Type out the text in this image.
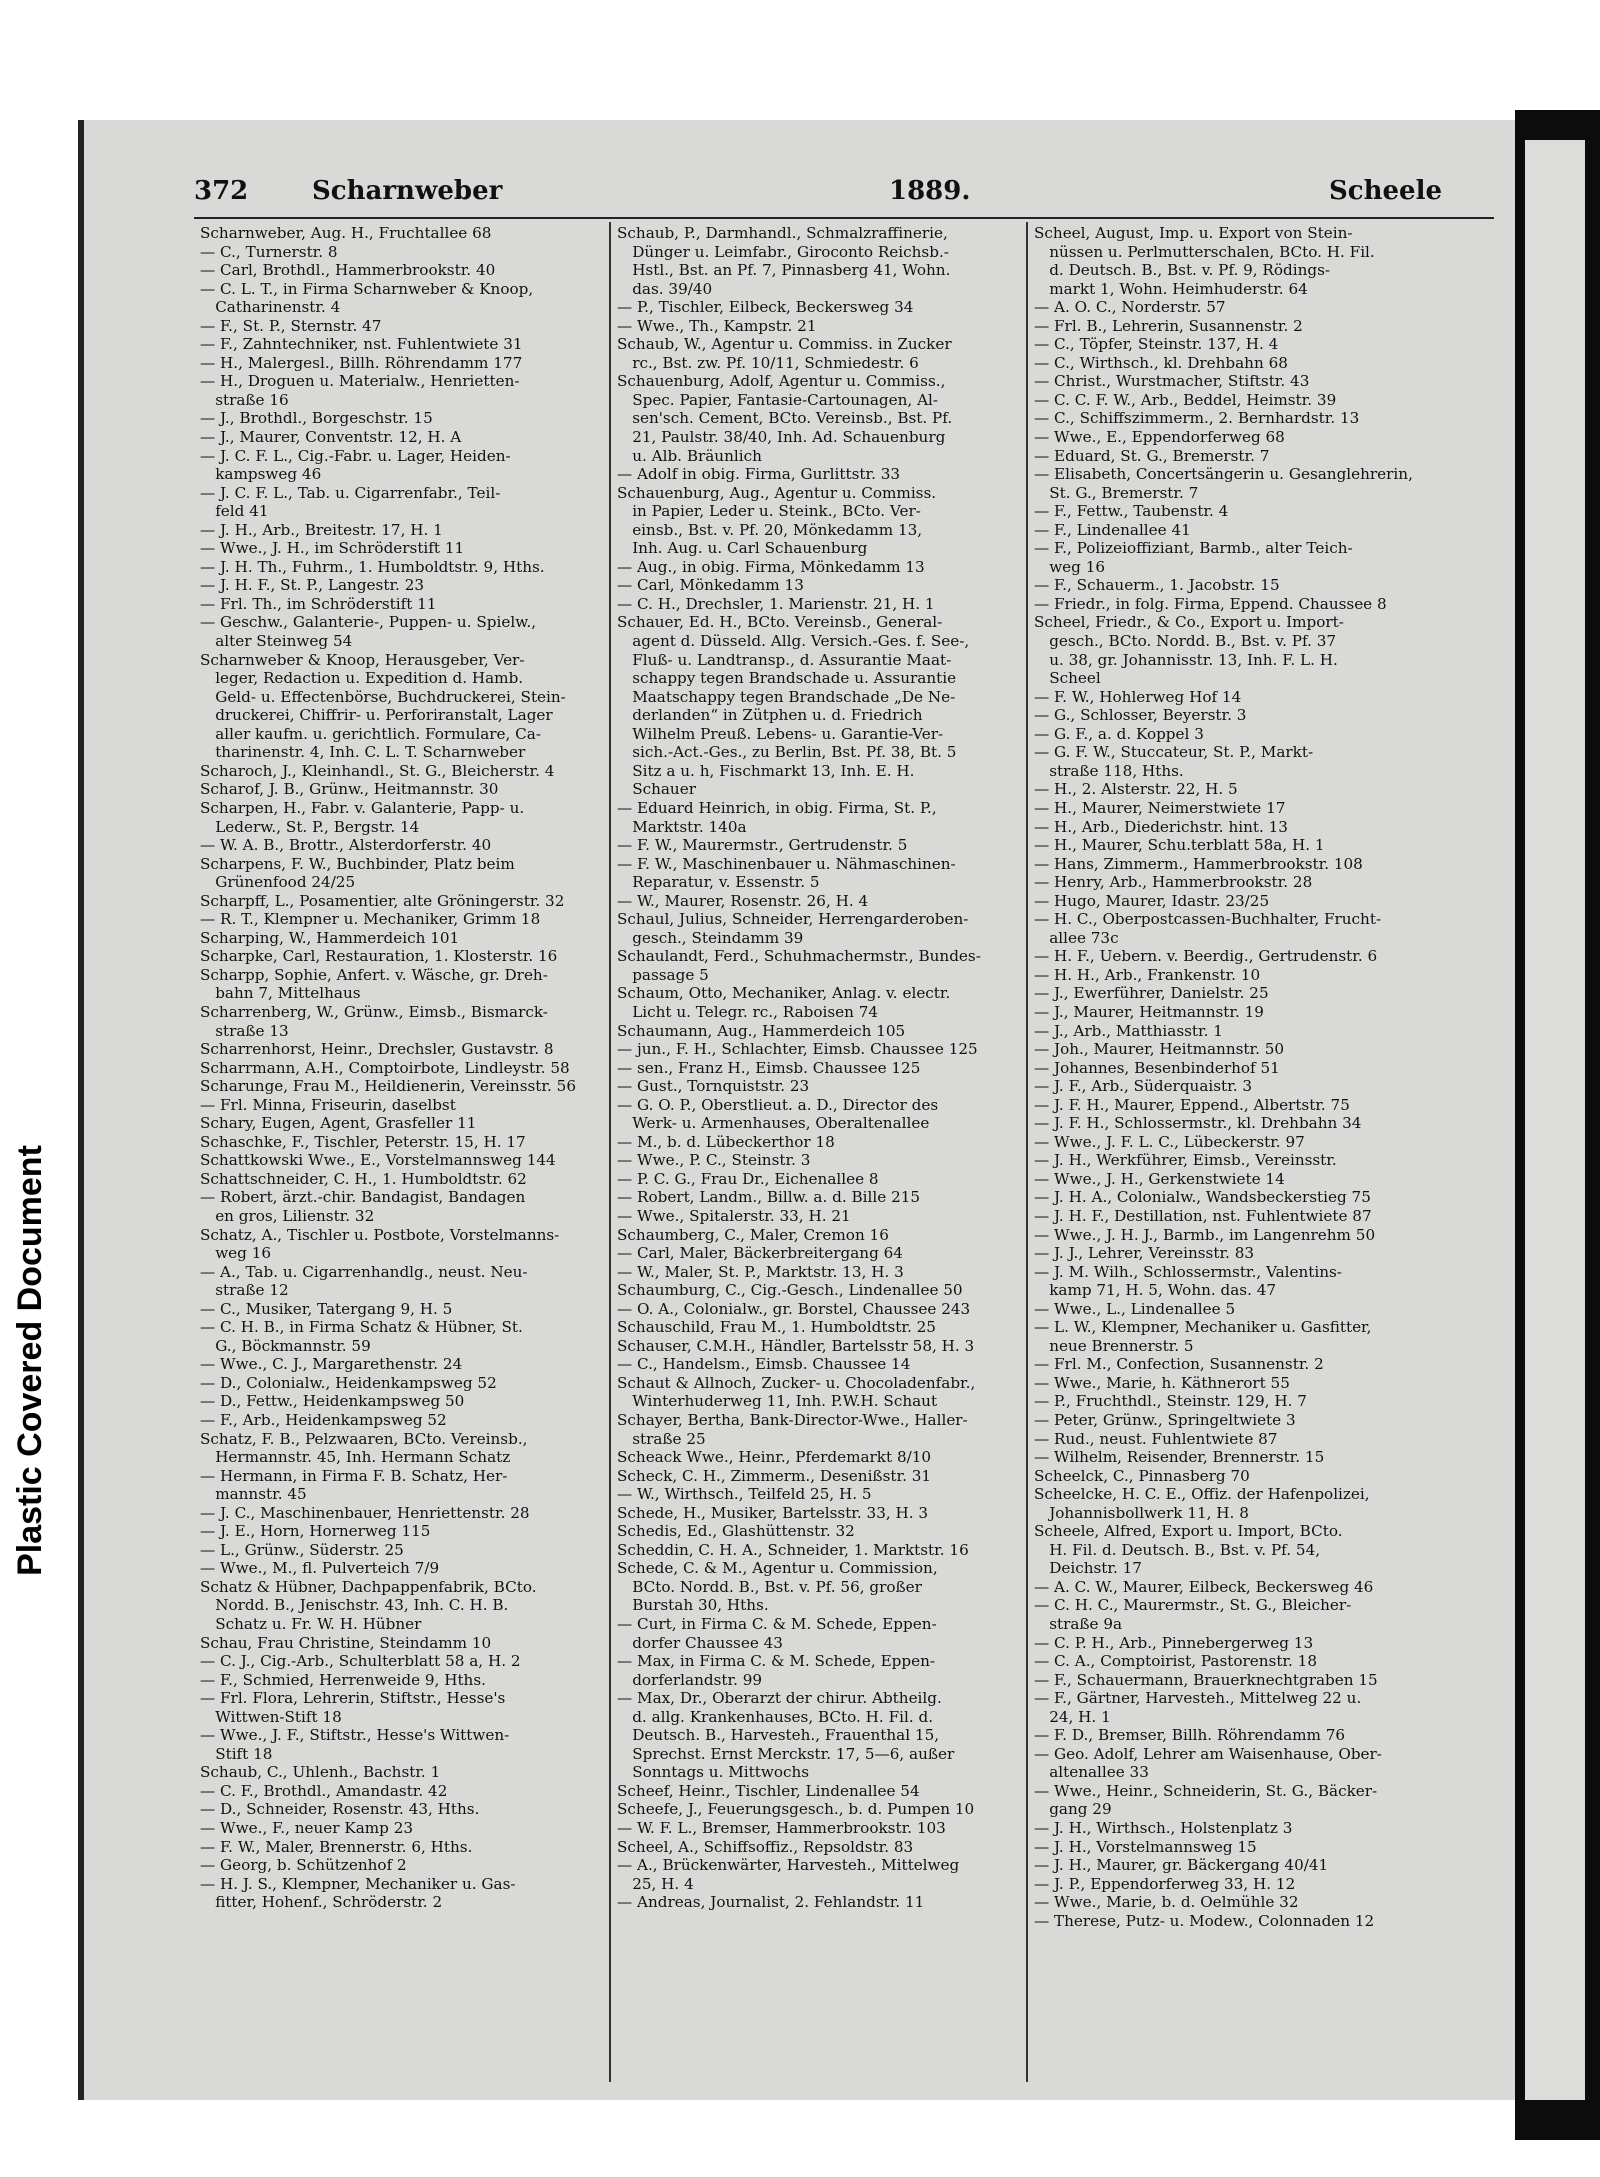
Plastic Covered Document
372 Scharnweber	1889.	Scheele
Scharnweber, Aug. H., Fruchtallee 68
— C., Turnerstr. 8
— Carl, Brothdl., Hammerbrookstr. 40
— C. L. T., in Firma Scharnweber & Knoop,
 Catharinenstr. 4
— F., St. P., Sternstr. 47
— F., Zahntechniker, nst. Fuhlentwiete 31
— H., Malergesl., Billh. Röhrendamm 177
— H., Droguen u. Materialw., Henrietten-
 straße 16
— J., Brothdl., Borgeschstr. 15
— J., Maurer, Conventstr. 12, H. A
— J. C. F. L., Cig.-Fabr. u. Lager, Heiden-
 kampsweg 46
— J. C. F. L., Tab. u. Cigarrenfabr., Teil-
 feld 41
— J. H., Arb., Breitestr. 17, H. 1
— Wwe., J. H., im Schröderstift 11
— J. H. Th., Fuhrm., 1. Humboldtstr. 9, Hths.
— J. H. F., St. P., Langestr. 23
— Frl. Th., im Schröderstift 11
— Geschw., Galanterie-, Puppen- u. Spielw.,
 alter Steinweg 54
Scharnweber & Knoop, Herausgeber, Ver-
 leger, Redaction u. Expedition d. Hamb.
 Geld- u. Effectenbörse, Buchdruckerei, Stein-
 druckerei, Chiffrir- u. Perforiranstalt, Lager
 aller kaufm. u. gerichtlich. Formulare, Ca-
 tharinenstr. 4, Inh. C. L. T. Scharnweber
Scharoch, J., Kleinhandl., St. G., Bleicherstr. 4
Scharof, J. B., Grünw., Heitmannstr. 30
Scharpen, H., Fabr. v. Galanterie, Papp- u.
 Lederw., St. P., Bergstr. 14
— W. A. B., Brottr., Alsterdorferstr. 40
Scharpens, F. W., Buchbinder, Platz beim
 Grünenfood 24/25
Scharpff, L., Posamentier, alte Gröningerstr. 32
— R. T., Klempner u. Mechaniker, Grimm 18
Scharping, W., Hammerdeich 101
Scharpke, Carl, Restauration, 1. Klosterstr. 16
Scharpp, Sophie, Anfert. v. Wäsche, gr. Dreh-
 bahn 7, Mittelhaus
Scharrenberg, W., Grünw., Eimsb., Bismarck-
 straße 13
Scharrenhorst, Heinr., Drechsler, Gustavstr. 8
Scharrmann, A.H., Comptoirbote, Lindleystr. 58
Scharunge, Frau M., Heildienerin, Vereinsstr. 56
— Frl. Minna, Friseurin, daselbst
Schary, Eugen, Agent, Grasfeller 11
Schaschke, F., Tischler, Peterstr. 15, H. 17
Schattkowski Wwe., E., Vorstelmannsweg 144
Schattschneider, C. H., 1. Humboldtstr. 62
— Robert, ärzt.-chir. Bandagist, Bandagen
 en gros, Lilienstr. 32
Schatz, A., Tischler u. Postbote, Vorstelmanns-
 weg 16
— A., Tab. u. Cigarrenhandlg., neust. Neu-
 straße 12
— C., Musiker, Tatergang 9, H. 5
— C. H. B., in Firma Schatz & Hübner, St.
 G., Böckmannstr. 59
— Wwe., C. J., Margarethenstr. 24
— D., Colonialw., Heidenkampsweg 52
— D., Fettw., Heidenkampsweg 50
— F., Arb., Heidenkampsweg 52
Schatz, F. B., Pelzwaaren, BCto. Vereinsb.,
 Hermannstr. 45, Inh. Hermann Schatz
— Hermann, in Firma F. B. Schatz, Her-
 mannstr. 45
— J. C., Maschinenbauer, Henriettenstr. 28
— J. E., Horn, Hornerweg 115
— L., Grünw., Süderstr. 25
— Wwe., M., fl. Pulverteich 7/9
Schatz & Hübner, Dachpappenfabrik, BCto.
 Nordd. B., Jenischstr. 43, Inh. C. H. B.
 Schatz u. Fr. W. H. Hübner
Schau, Frau Christine, Steindamm 10
— C. J., Cig.-Arb., Schulterblatt 58 a, H. 2
— F., Schmied, Herrenweide 9, Hths.
— Frl. Flora, Lehrerin, Stiftstr., Hesse's
 Wittwen-Stift 18
— Wwe., J. F., Stiftstr., Hesse's Wittwen-
 Stift 18
Schaub, C., Uhlenh., Bachstr. 1
— C. F., Brothdl., Amandastr. 42
— D., Schneider, Rosenstr. 43, Hths.
— Wwe., F., neuer Kamp 23
— F. W., Maler, Brennerstr. 6, Hths.
— Georg, b. Schützenhof 2
— H. J. S., Klempner, Mechaniker u. Gas-
 fitter, Hohenf., Schröderstr. 2
Schaub, P., Darmhandl., Schmalzraffinerie,
 Dünger u. Leimfabr., Giroconto Reichsb.-
 Hstl., Bst. an Pf. 7, Pinnasberg 41, Wohn.
 das. 39/40
— P., Tischler, Eilbeck, Beckersweg 34
— Wwe., Th., Kampstr. 21
Schaub, W., Agentur u. Commiss. in Zucker
 rc., Bst. zw. Pf. 10/11, Schmiedestr. 6
Schauenburg, Adolf, Agentur u. Commiss.,
 Spec. Papier, Fantasie-Cartounagen, Al-
 sen'sch. Cement, BCto. Vereinsb., Bst. Pf.
 21, Paulstr. 38/40, Inh. Ad. Schauenburg
 u. Alb. Bräunlich
— Adolf in obig. Firma, Gurlittstr. 33
Schauenburg, Aug., Agentur u. Commiss.
 in Papier, Leder u. Steink., BCto. Ver-
 einsb., Bst. v. Pf. 20, Mönkedamm 13,
 Inh. Aug. u. Carl Schauenburg
— Aug., in obig. Firma, Mönkedamm 13
— Carl, Mönkedamm 13
— C. H., Drechsler, 1. Marienstr. 21, H. 1
Schauer, Ed. H., BCto. Vereinsb., General-
 agent d. Düsseld. Allg. Versich.-Ges. f. See-,
 Fluß- u. Landtransp., d. Assurantie Maat-
 schappy tegen Brandschade u. Assurantie
 Maatschappy tegen Brandschade „De Ne-
 derlanden“ in Zütphen u. d. Friedrich
 Wilhelm Preuß. Lebens- u. Garantie-Ver-
 sich.-Act.-Ges., zu Berlin, Bst. Pf. 38, Bt. 5
 Sitz a u. h, Fischmarkt 13, Inh. E. H.
 Schauer
— Eduard Heinrich, in obig. Firma, St. P.,
 Marktstr. 140a
— F. W., Maurermstr., Gertrudenstr. 5
— F. W., Maschinenbauer u. Nähmaschinen-
 Reparatur, v. Essenstr. 5
— W., Maurer, Rosenstr. 26, H. 4
Schaul, Julius, Schneider, Herrengarderoben-
 gesch., Steindamm 39
Schaulandt, Ferd., Schuhmachermstr., Bundes-
 passage 5
Schaum, Otto, Mechaniker, Anlag. v. electr.
 Licht u. Telegr. rc., Raboisen 74
Schaumann, Aug., Hammerdeich 105
— jun., F. H., Schlachter, Eimsb. Chaussee 125
— sen., Franz H., Eimsb. Chaussee 125
— Gust., Tornquiststr. 23
— G. O. P., Oberstlieut. a. D., Director des
 Werk- u. Armenhauses, Oberaltenallee
— M., b. d. Lübeckerthor 18
— Wwe., P. C., Steinstr. 3
— P. C. G., Frau Dr., Eichenallee 8
— Robert, Landm., Billw. a. d. Bille 215
— Wwe., Spitalerstr. 33, H. 21
Schaumberg, C., Maler, Cremon 16
— Carl, Maler, Bäckerbreitergang 64
— W., Maler, St. P., Marktstr. 13, H. 3
Schaumburg, C., Cig.-Gesch., Lindenallee 50
— O. A., Colonialw., gr. Borstel, Chaussee 243
Schauschild, Frau M., 1. Humboldtstr. 25
Schauser, C.M.H., Händler, Bartelsstr 58, H. 3
— C., Handelsm., Eimsb. Chaussee 14
Schaut & Allnoch, Zucker- u. Chocoladenfabr.,
 Winterhuderweg 11, Inh. P.W.H. Schaut
Schayer, Bertha, Bank-Director-Wwe., Haller-
 straße 25
Scheack Wwe., Heinr., Pferdemarkt 8/10
Scheck, C. H., Zimmerm., Desenißstr. 31
— W., Wirthsch., Teilfeld 25, H. 5
Schede, H., Musiker, Bartelsstr. 33, H. 3
Schedis, Ed., Glashüttenstr. 32
Scheddin, C. H. A., Schneider, 1. Marktstr. 16
Schede, C. & M., Agentur u. Commission,
 BCto. Nordd. B., Bst. v. Pf. 56, großer
 Burstah 30, Hths.
— Curt, in Firma C. & M. Schede, Eppen-
 dorfer Chaussee 43
— Max, in Firma C. & M. Schede, Eppen-
 dorferlandstr. 99
— Max, Dr., Oberarzt der chirur. Abtheilg.
 d. allg. Krankenhauses, BCto. H. Fil. d.
 Deutsch. B., Harvesteh., Frauenthal 15,
 Sprechst. Ernst Merckstr. 17, 5—6, außer
 Sonntags u. Mittwochs
Scheef, Heinr., Tischler, Lindenallee 54
Scheefe, J., Feuerungsgesch., b. d. Pumpen 10
— W. F. L., Bremser, Hammerbrookstr. 103
Scheel, A., Schiffsoffiz., Repsoldstr. 83
— A., Brückenwärter, Harvesteh., Mittelweg
 25, H. 4
— Andreas, Journalist, 2. Fehlandstr. 11
Scheel, August, Imp. u. Export von Stein-
 nüssen u. Perlmutterschalen, BCto. H. Fil.
 d. Deutsch. B., Bst. v. Pf. 9, Rödings-
 markt 1, Wohn. Heimhuderstr. 64
— A. O. C., Norderstr. 57
— Frl. B., Lehrerin, Susannenstr. 2
— C., Töpfer, Steinstr. 137, H. 4
— C., Wirthsch., kl. Drehbahn 68
— Christ., Wurstmacher, Stiftstr. 43
— C. C. F. W., Arb., Beddel, Heimstr. 39
— C., Schiffszimmerm., 2. Bernhardstr. 13
— Wwe., E., Eppendorferweg 68
— Eduard, St. G., Bremerstr. 7
— Elisabeth, Concertsängerin u. Gesanglehrerin,
 St. G., Bremerstr. 7
— F., Fettw., Taubenstr. 4
— F., Lindenallee 41
— F., Polizeioffiziant, Barmb., alter Teich-
 weg 16
— F., Schauerm., 1. Jacobstr. 15
— Friedr., in folg. Firma, Eppend. Chaussee 8
Scheel, Friedr., & Co., Export u. Import-
 gesch., BCto. Nordd. B., Bst. v. Pf. 37
 u. 38, gr. Johannisstr. 13, Inh. F. L. H.
 Scheel
— F. W., Hohlerweg Hof 14
— G., Schlosser, Beyerstr. 3
— G. F., a. d. Koppel 3
— G. F. W., Stuccateur, St. P., Markt-
 straße 118, Hths.
— H., 2. Alsterstr. 22, H. 5
— H., Maurer, Neimerstwiete 17
— H., Arb., Diederichstr. hint. 13
— H., Maurer, Schu.terblatt 58a, H. 1
— Hans, Zimmerm., Hammerbrookstr. 108
— Henry, Arb., Hammerbrookstr. 28
— Hugo, Maurer, Idastr. 23/25
— H. C., Oberpostcassen-Buchhalter, Frucht-
 allee 73c
— H. F., Uebern. v. Beerdig., Gertrudenstr. 6
— H. H., Arb., Frankenstr. 10
— J., Ewerführer, Danielstr. 25
— J., Maurer, Heitmannstr. 19
— J., Arb., Matthiasstr. 1
— Joh., Maurer, Heitmannstr. 50
— Johannes, Besenbinderhof 51
— J. F., Arb., Süderquaistr. 3
— J. F. H., Maurer, Eppend., Albertstr. 75
— J. F. H., Schlossermstr., kl. Drehbahn 34
— Wwe., J. F. L. C., Lübeckerstr. 97
— J. H., Werkführer, Eimsb., Vereinsstr.
— Wwe., J. H., Gerkenstwiete 14
— J. H. A., Colonialw., Wandsbeckerstieg 75
— J. H. F., Destillation, nst. Fuhlentwiete 87
— Wwe., J. H. J., Barmb., im Langenrehm 50
— J. J., Lehrer, Vereinsstr. 83
— J. M. Wilh., Schlossermstr., Valentins-
 kamp 71, H. 5, Wohn. das. 47
— Wwe., L., Lindenallee 5
— L. W., Klempner, Mechaniker u. Gasfitter,
 neue Brennerstr. 5
— Frl. M., Confection, Susannenstr. 2
— Wwe., Marie, h. Käthnerort 55
— P., Fruchthdl., Steinstr. 129, H. 7
— Peter, Grünw., Springeltwiete 3
— Rud., neust. Fuhlentwiete 87
— Wilhelm, Reisender, Brennerstr. 15
Scheelck, C., Pinnasberg 70
Scheelcke, H. C. E., Offiz. der Hafenpolizei,
 Johannisbollwerk 11, H. 8
Scheele, Alfred, Export u. Import, BCto.
 H. Fil. d. Deutsch. B., Bst. v. Pf. 54,
 Deichstr. 17
— A. C. W., Maurer, Eilbeck, Beckersweg 46
— C. H. C., Maurermstr., St. G., Bleicher-
 straße 9a
— C. P. H., Arb., Pinnebergerweg 13
— C. A., Comptoirist, Pastorenstr. 18
— F., Schauermann, Brauerknechtgraben 15
— F., Gärtner, Harvesteh., Mittelweg 22 u.
 24, H. 1
— F. D., Bremser, Billh. Röhrendamm 76
— Geo. Adolf, Lehrer am Waisenhause, Ober-
 altenallee 33
— Wwe., Heinr., Schneiderin, St. G., Bäcker-
 gang 29
— J. H., Wirthsch., Holstenplatz 3
— J. H., Vorstelmannsweg 15
— J. H., Maurer, gr. Bäckergang 40/41
— J. P., Eppendorferweg 33, H. 12
— Wwe., Marie, b. d. Oelmühle 32
— Therese, Putz- u. Modew., Colonnaden 12
